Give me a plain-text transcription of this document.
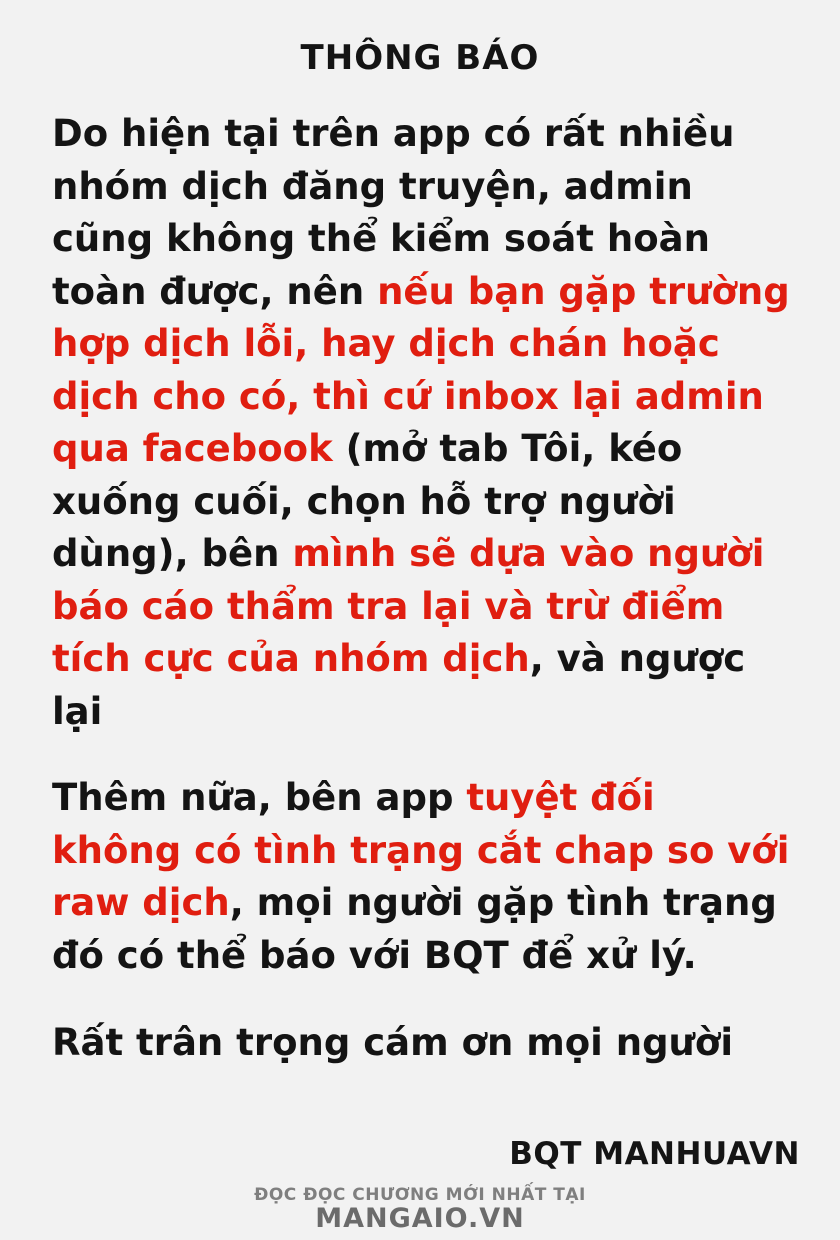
THÔNG BÁO

Do hiện tại trên app có rất nhiều nhóm dịch đăng truyện, admin cũng không thể kiểm soát hoàn toàn được, nên nếu bạn gặp trường hợp dịch lỗi, hay dịch chán hoặc dịch cho có, thì cứ inbox lại admin qua facebook (mở tab Tôi, kéo xuống cuối, chọn hỗ trợ người dùng), bên mình sẽ dựa vào người báo cáo thẩm tra lại và trừ điểm tích cực của nhóm dịch, và ngược lại

Thêm nữa, bên app tuyệt đối không có tình trạng cắt chap so với raw dịch, mọi người gặp tình trạng đó có thể báo với BQT để xử lý.

Rất trân trọng cám ơn mọi người

BQT MANHUAVN
ĐỌC ĐỌC CHƯƠNG MỚI NHẤT TẠI
MANGAIO.VN
